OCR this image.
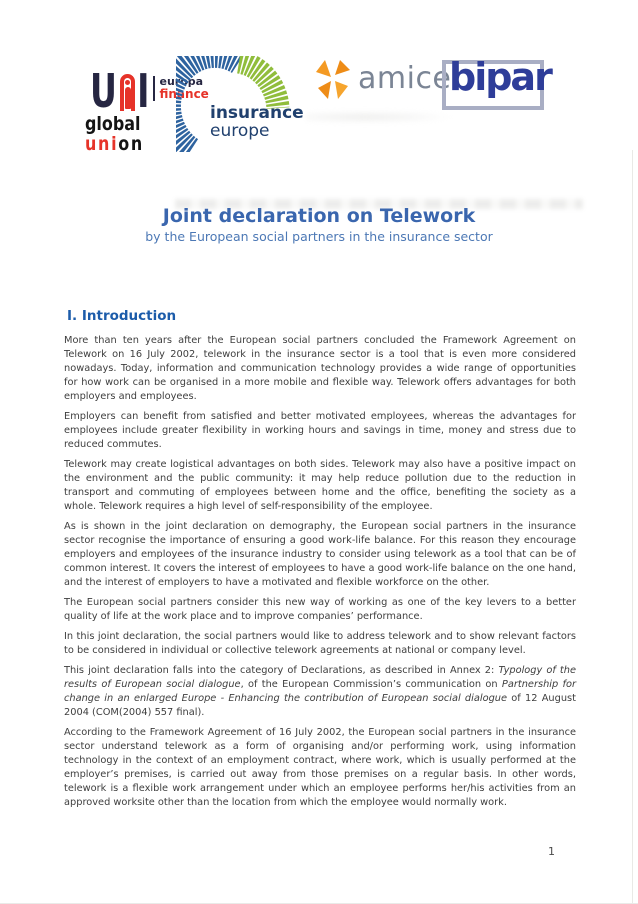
U I europa
finance
global
union
insurance
europe
amice
bipar
Joint declaration on Telework
by the European social partners in the insurance sector
I. Introduction

More than ten years after the European social partners concluded the Framework Agreement on Telework on 16 July 2002, telework in the insurance sector is a tool that is even more considered nowadays. Today, information and communication technology provides a wide range of opportunities for how work can be organised in a more mobile and flexible way. Telework offers advantages for both employers and employees.

Employers can benefit from satisfied and better motivated employees, whereas the advantages for employees include greater flexibility in working hours and savings in time, money and stress due to reduced commutes.

Telework may create logistical advantages on both sides. Telework may also have a positive impact on the environment and the public community: it may help reduce pollution due to the reduction in transport and commuting of employees between home and the office, benefiting the society as a whole. Telework requires a high level of self-responsibility of the employee.

As is shown in the joint declaration on demography, the European social partners in the insurance sector recognise the importance of ensuring a good work-life balance. For this reason they encourage employers and employees of the insurance industry to consider using telework as a tool that can be of common interest. It covers the interest of employees to have a good work-life balance on the one hand, and the interest of employers to have a motivated and flexible workforce on the other.

The European social partners consider this new way of working as one of the key levers to a better quality of life at the work place and to improve companies’ performance.

In this joint declaration, the social partners would like to address telework and to show relevant factors to be considered in individual or collective telework agreements at national or company level.

This joint declaration falls into the category of Declarations, as described in Annex 2: Typology of the results of European social dialogue, of the European Commission’s communication on Partnership for change in an enlarged Europe - Enhancing the contribution of European social dialogue of 12 August 2004 (COM(2004) 557 final).

According to the Framework Agreement of 16 July 2002, the European social partners in the insurance sector understand telework as a form of organising and/or performing work, using information technology in the context of an employment contract, where work, which is usually performed at the employer’s premises, is carried out away from those premises on a regular basis. In other words, telework is a flexible work arrangement under which an employee performs her/his activities from an approved worksite other than the location from which the employee would normally work.

1
